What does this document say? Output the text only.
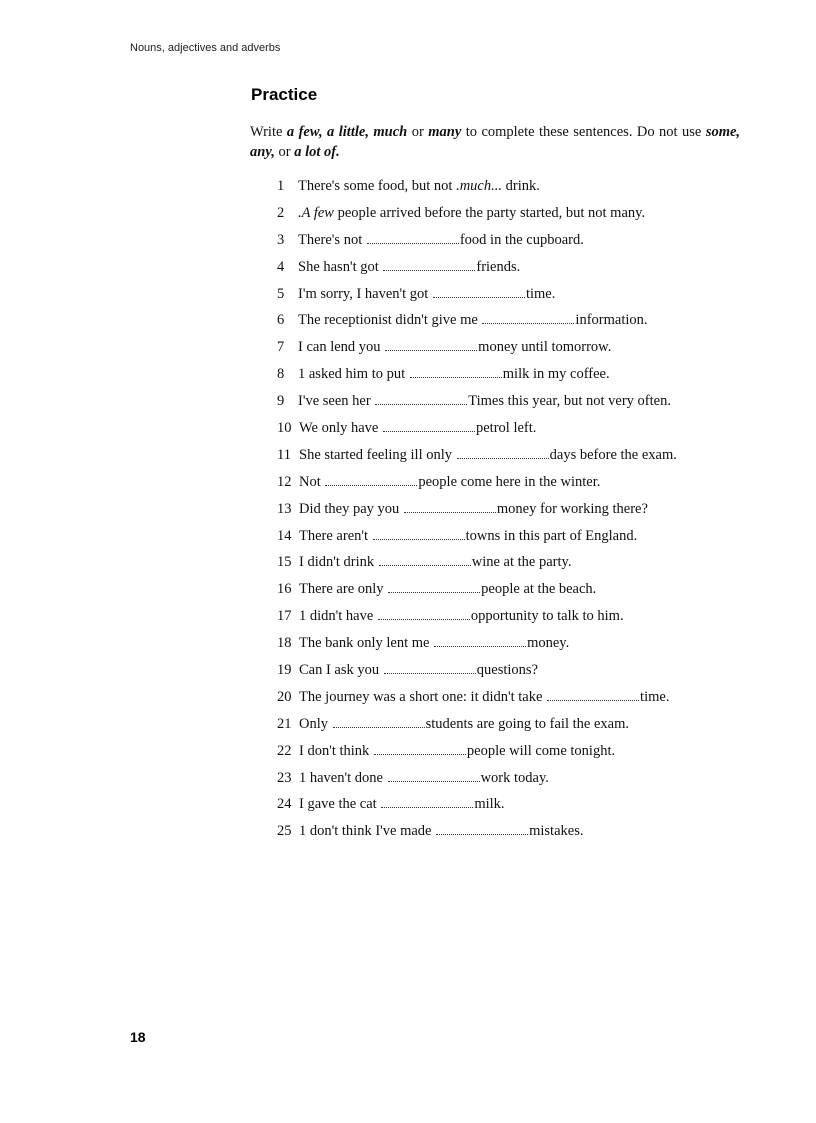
Nouns, adjectives and adverbs
Practice
Write a few, a little, much or many to complete these sentences. Do not use some, any, or a lot of.
1 There's some food, but not .much... drink.
2 .A few people arrived before the party started, but not many.
3 There's not	food in the cupboard.
4 She hasn't got	friends.
5 I'm sorry, I haven't got	time.
6 The receptionist didn't give me	information.
7 I can lend you	money until tomorrow.
8 1 asked him to put	milk in my coffee.
9 I've seen her	Times this year, but not very often.
10 We only have	petrol left.
11 She started feeling ill only	days before the exam.
12 Not	people come here in the winter.
13 Did they pay you	money for working there?
14 There aren't	towns in this part of England.
15 I didn't drink	wine at the party.
16 There are only	people at the beach.
17 1 didn't have	opportunity to talk to him.
18 The bank only lent me	money.
19 Can I ask you	questions?
20 The journey was a short one: it didn't take	time.
21 Only	students are going to fail the exam.
22 I don't think	people will come tonight.
23 1 haven't done	work today.
24 I gave the cat	milk.
25 1 don't think I've made	mistakes.
18
